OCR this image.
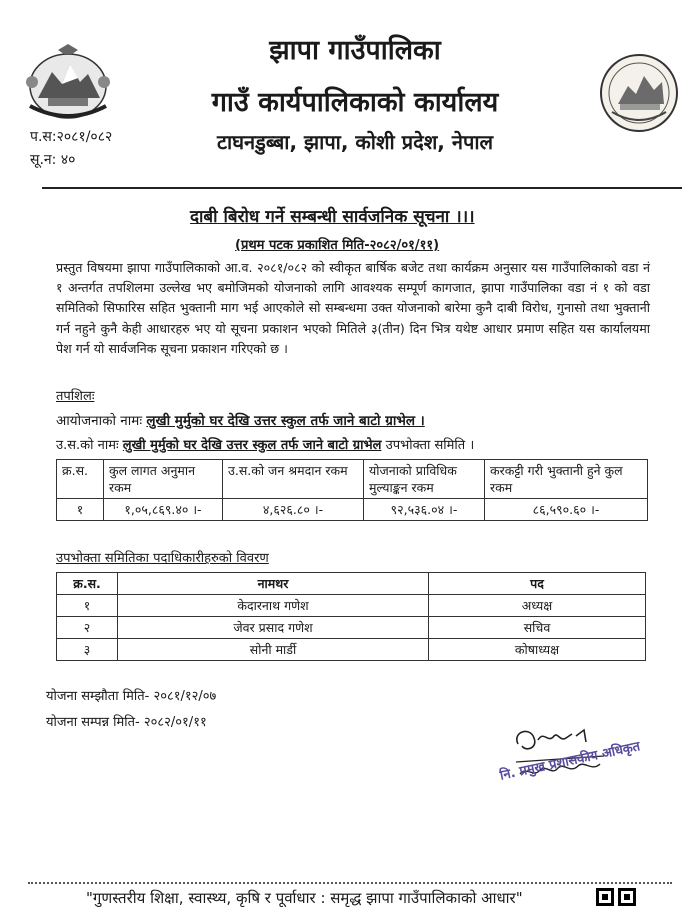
झापा गाउँपालिका
गाउँ कार्यपालिकाको कार्यालय
टाघनडुब्बा, झापा, कोशी प्रदेश, नेपाल
प.स:२०८१/०८२
सू.न: ४०
दाबी बिरोध गर्ने सम्बन्धी सार्वजनिक सूचना ।।।
(प्रथम पटक प्रकाशित मिति-२०८२/०१/११)
प्रस्तुत विषयमा झापा गाउँपालिकाको आ.व. २०८१/०८२ को स्वीकृत बार्षिक बजेट तथा कार्यक्रम अनुसार यस गाउँपालिकाको वडा नं १ अन्तर्गत तपशिलमा उल्लेख भए बमोजिमको योजनाको लागि आवश्यक सम्पूर्ण कागजात, झापा गाउँपालिका वडा नं १ को वडा समितिको सिफारिस सहित भुक्तानी माग भई आएकोले सो सम्बन्धमा उक्त योजनाको बारेमा कुनै दाबी विरोध, गुनासो तथा भुक्तानी गर्न नहुने कुनै केही आधारहरु भए यो सूचना प्रकाशन भएको मितिले ३(तीन) दिन भित्र यथेष्ट आधार प्रमाण सहित यस कार्यालयमा पेश गर्न यो सार्वजनिक सूचना प्रकाशन गरिएको छ ।
तपशिलः
आयोजनाको नामः लुखी मुर्मुको घर देखि उत्तर स्कुल तर्फ जाने बाटो ग्राभेल ।
उ.स.को नामः लुखी मुर्मुको घर देखि उत्तर स्कुल तर्फ जाने बाटो ग्राभेल उपभोक्ता समिति ।
क्र.स.	कुल लागत अनुमान रकम	उ.स.को जन श्रमदान रकम	योजनाको प्राविधिक मुल्याङ्कन रकम	करकट्टी गरी भुक्तानी हुने कुल रकम
१	१,०५,८६९.४० ।-	४,६२६.८० ।-	९२,५३६.०४ ।-	८६,५९०.६० ।-
उपभोक्ता समितिका पदाधिकारीहरुको विवरण
क्र.स.	नामथर	पद
१	केदारनाथ गणेश	अध्यक्ष
२	जेवर प्रसाद गणेश	सचिव
३	सोनी मार्डी	कोषाध्यक्ष
योजना सम्झौता मिति- २०८१/१२/०७
योजना सम्पन्न मिति- २०८२/०१/११
नि. प्रमुख प्रशासकीय अधिकृत
"गुणस्तरीय शिक्षा, स्वास्थ्य, कृषि र पूर्वाधार : समृद्ध झापा गाउँपालिकाको आधार"
